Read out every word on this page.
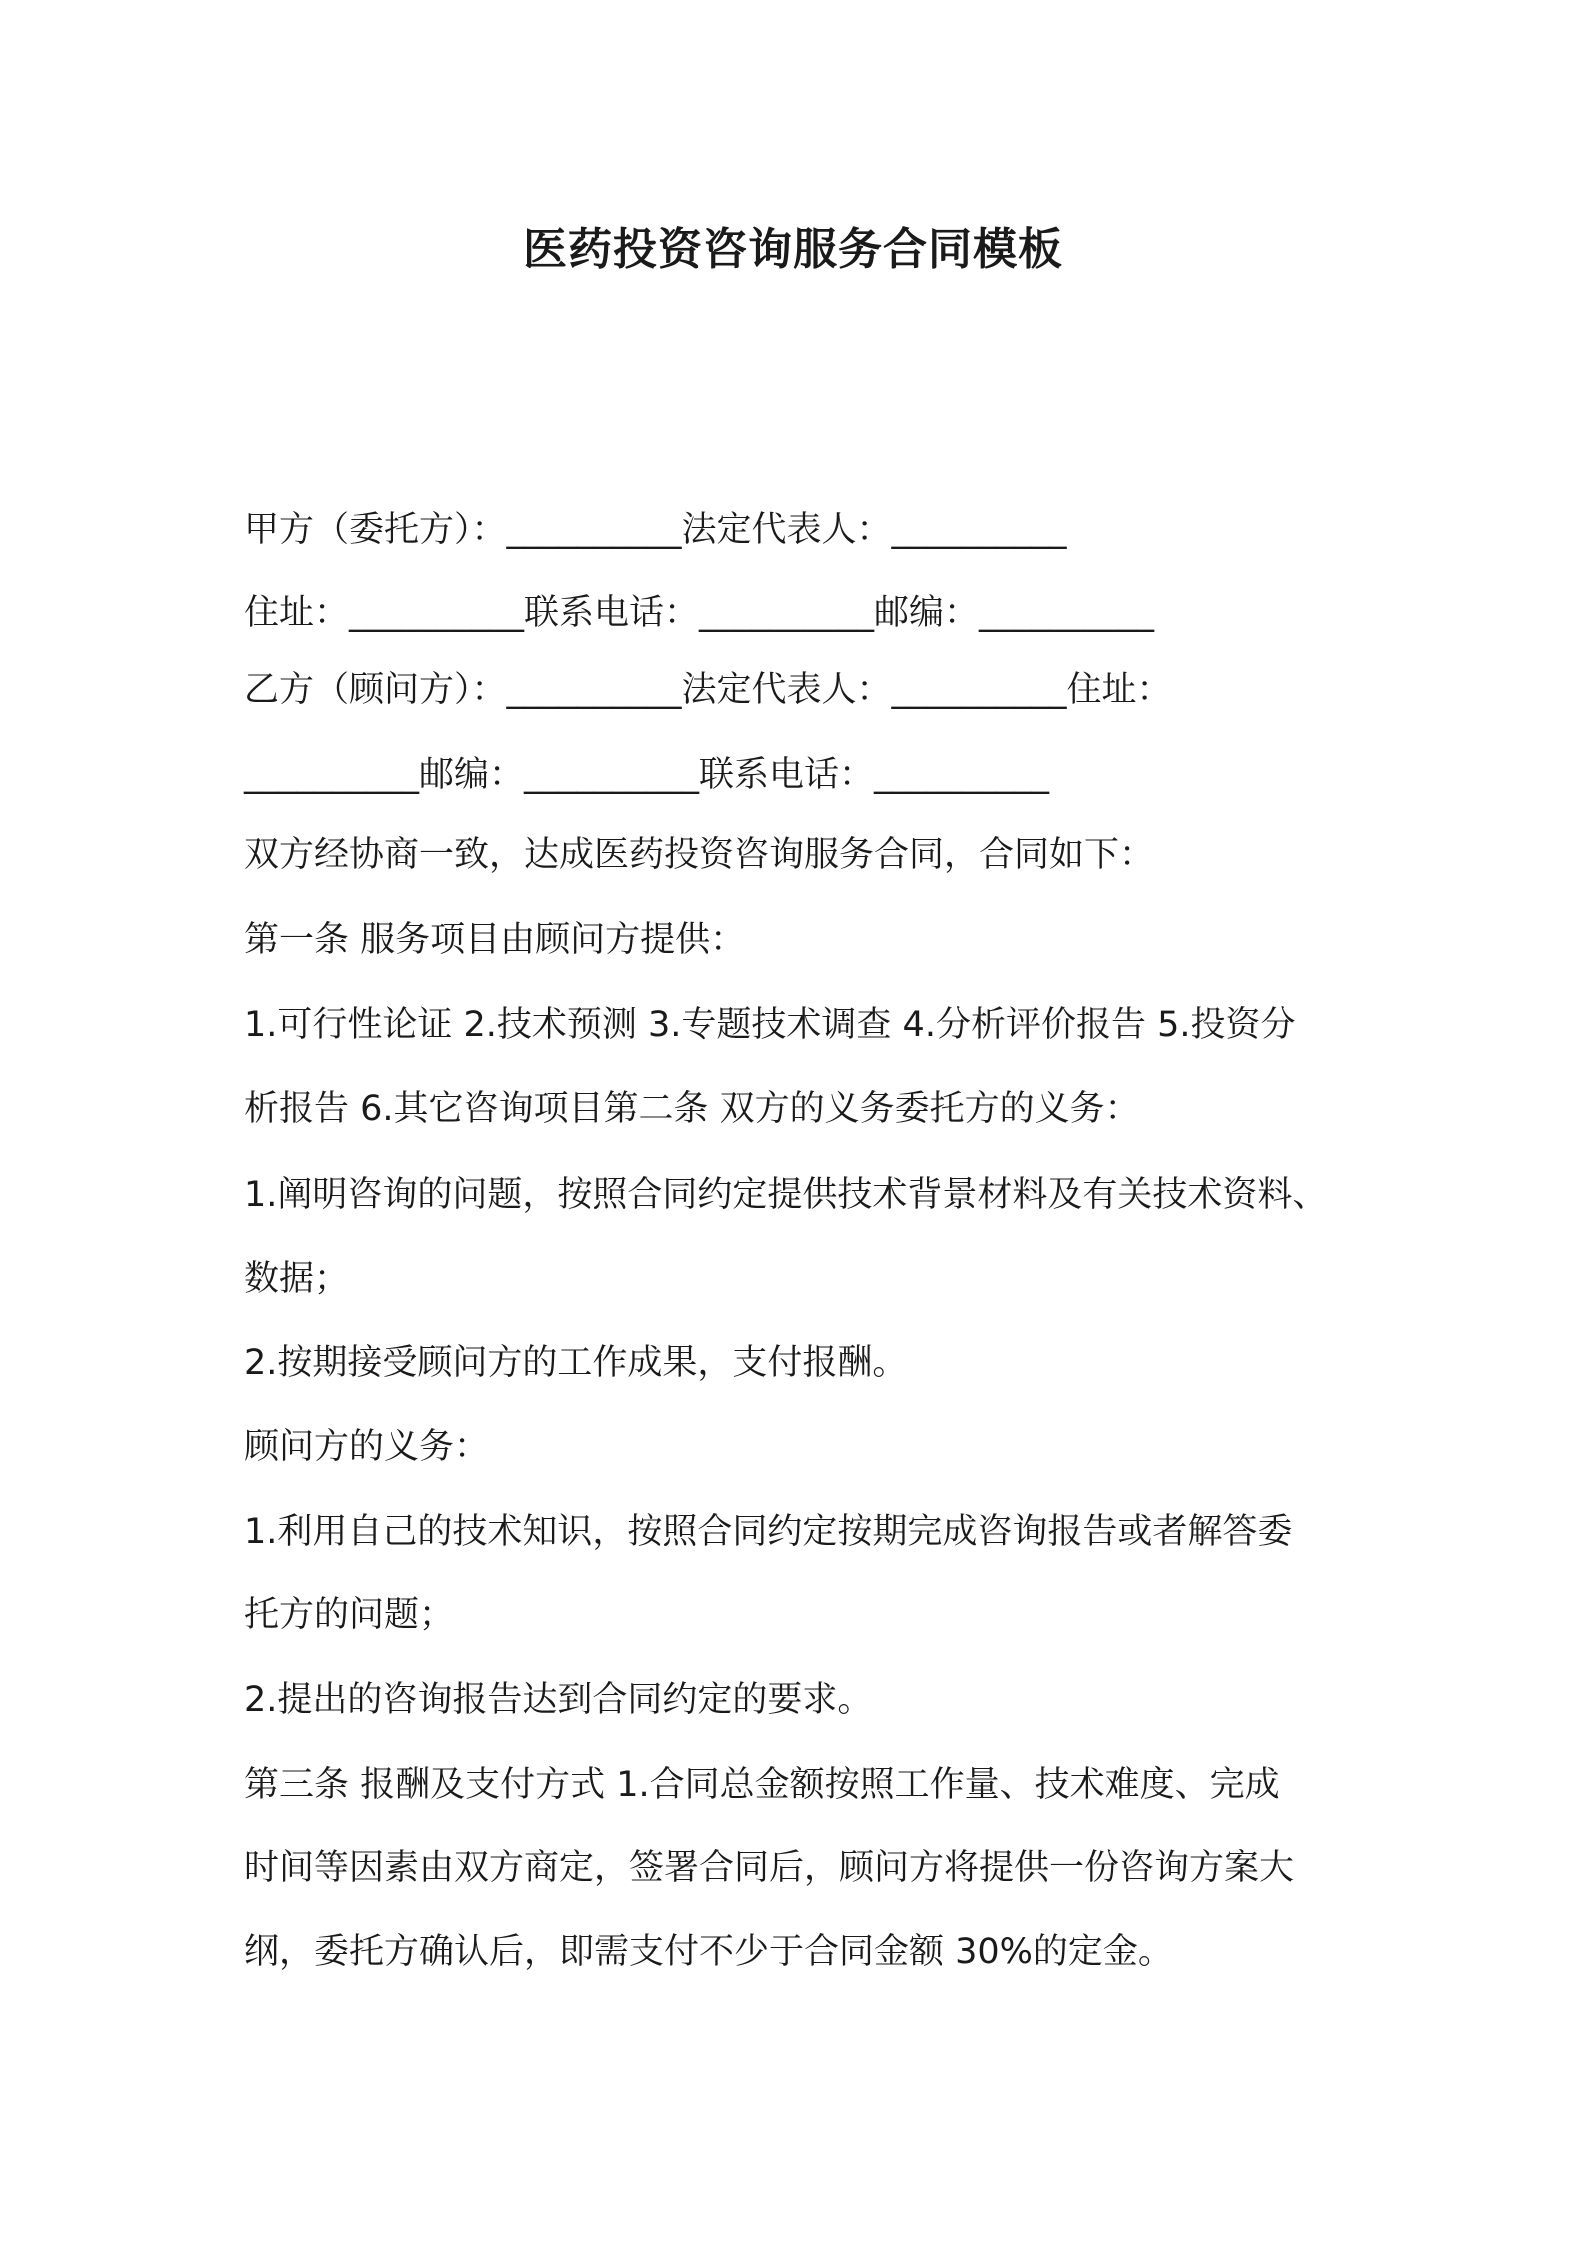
医药投资咨询服务合同模板
甲方（委托方）：__________法定代表人：__________
住址：__________联系电话：__________邮编：__________
乙方（顾问方）：__________法定代表人：__________住址：
__________邮编：__________联系电话：__________
双方经协商一致，达成医药投资咨询服务合同，合同如下：
第一条 服务项目由顾问方提供：
1.可行性论证 2.技术预测 3.专题技术调查 4.分析评价报告 5.投资分
析报告 6.其它咨询项目第二条 双方的义务委托方的义务：
1.阐明咨询的问题，按照合同约定提供技术背景材料及有关技术资料、
数据；
2.按期接受顾问方的工作成果，支付报酬。
顾问方的义务：
1.利用自己的技术知识，按照合同约定按期完成咨询报告或者解答委
托方的问题；
2.提出的咨询报告达到合同约定的要求。
第三条 报酬及支付方式 1.合同总金额按照工作量、技术难度、完成
时间等因素由双方商定，签署合同后，顾问方将提供一份咨询方案大
纲，委托方确认后，即需支付不少于合同金额 30%的定金。
